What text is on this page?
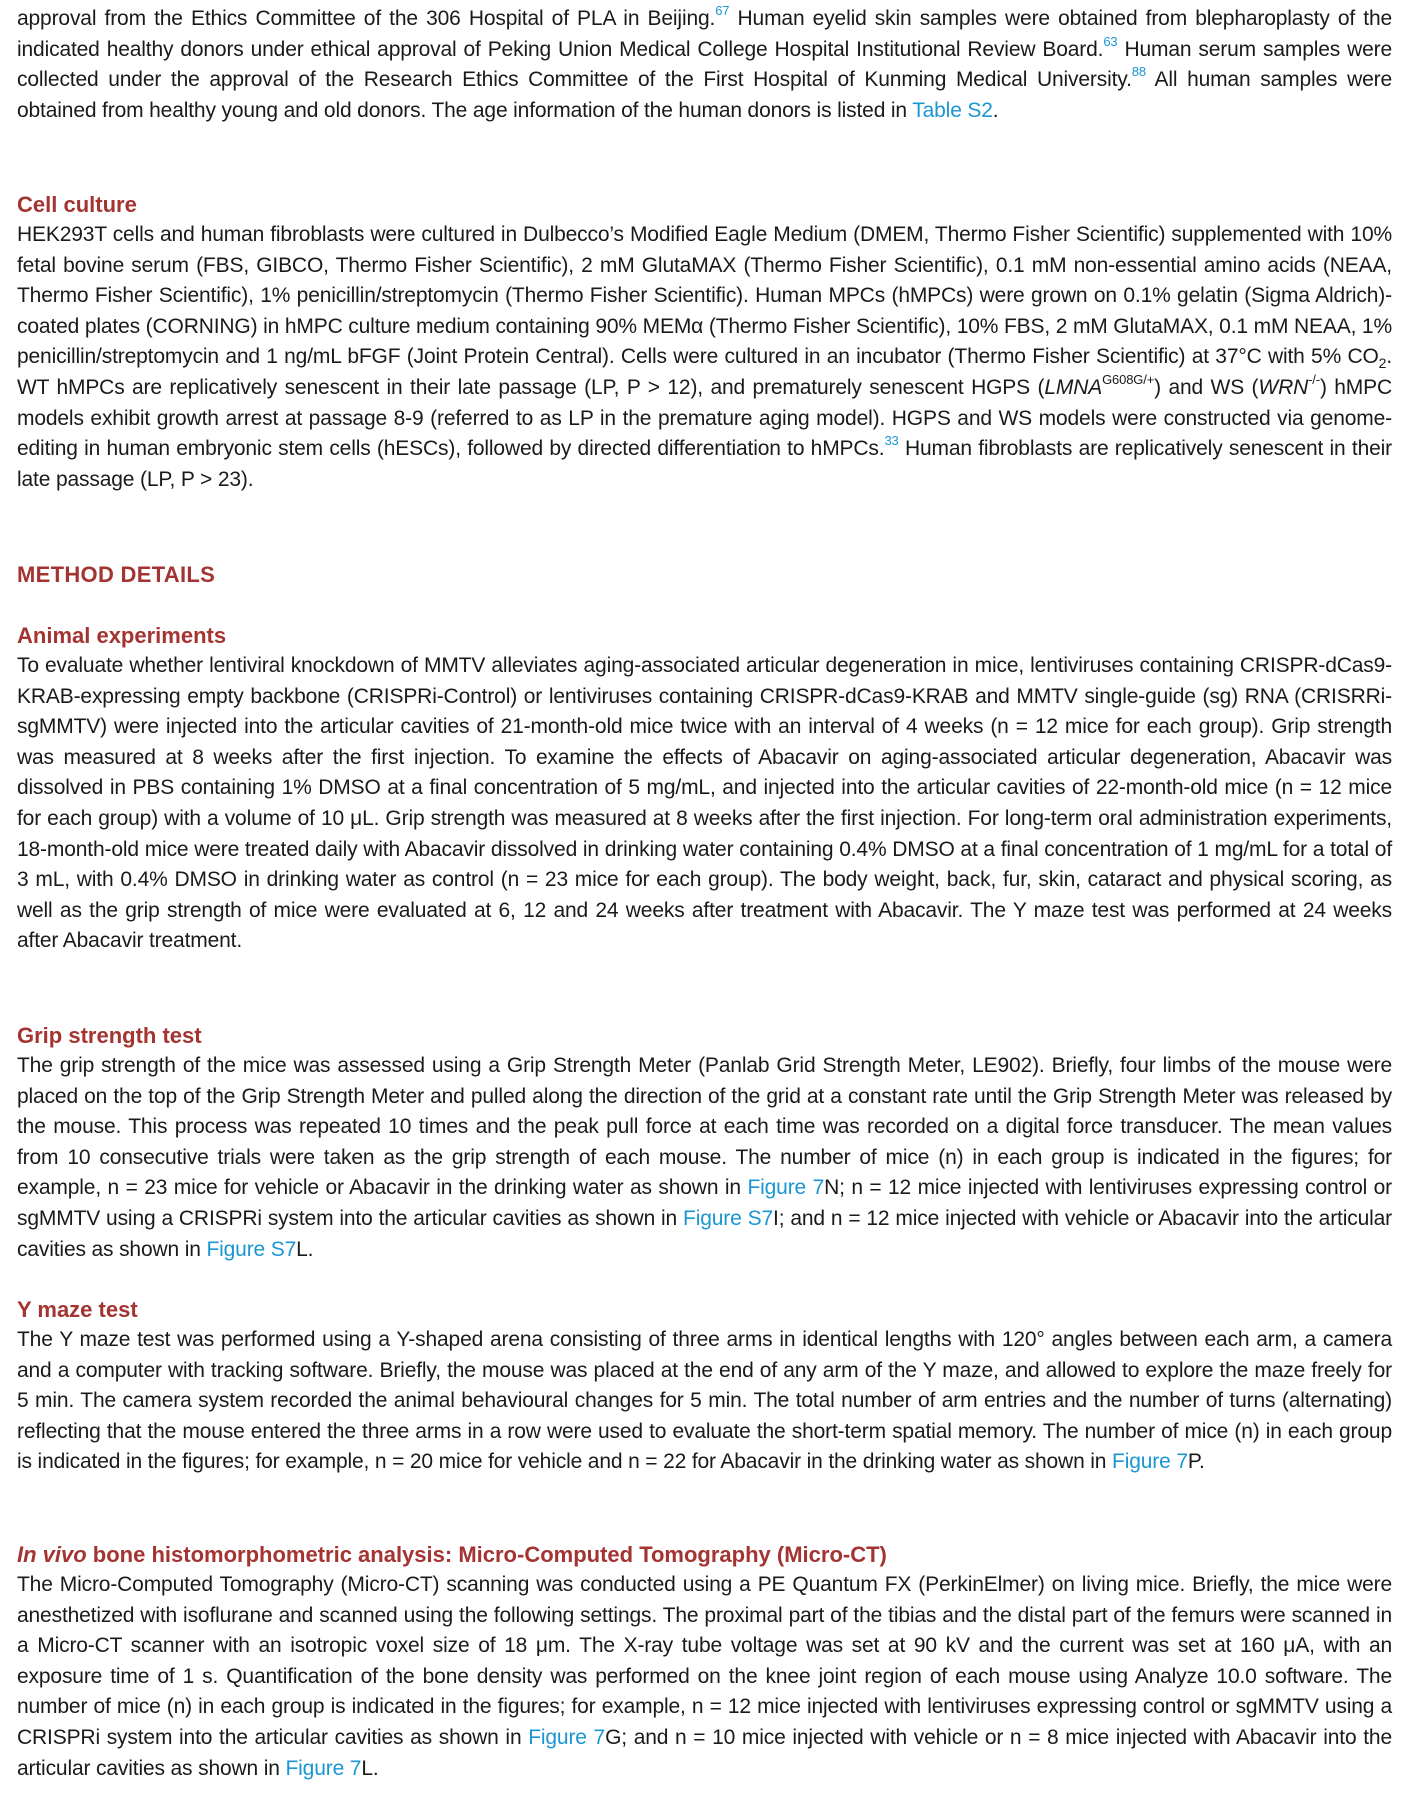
approval from the Ethics Committee of the 306 Hospital of PLA in Beijing.$^{67}$ Human eyelid skin samples were obtained from blepharoplasty of the indicated healthy donors under ethical approval of Peking Union Medical College Hospital Institutional Review Board.$^{63}$ Human serum samples were collected under the approval of the Research Ethics Committee of the First Hospital of Kunming Medical University.$^{88}$ All human samples were obtained from healthy young and old donors. The age information of the human donors is listed in Table S2.

Cell culture

HEK293T cells and human fibroblasts were cultured in Dulbecco’s Modified Eagle Medium (DMEM, Thermo Fisher Scientific) supplemented with 10% fetal bovine serum (FBS, GIBCO, Thermo Fisher Scientific), 2 mM GlutaMAX (Thermo Fisher Scientific), 0.1 mM non-essential amino acids (NEAA, Thermo Fisher Scientific), 1% penicillin/streptomycin (Thermo Fisher Scientific). Human MPCs (hMPCs) were grown on 0.1% gelatin (Sigma Aldrich)-coated plates (CORNING) in hMPC culture medium containing 90% MEMα (Thermo Fisher Scientific), 10% FBS, 2 mM GlutaMAX, 0.1 mM NEAA, 1% penicillin/streptomycin and 1 ng/mL bFGF (Joint Protein Central). Cells were cultured in an incubator (Thermo Fisher Scientific) at 37°C with 5% $CO_2$. WT hMPCs are replicatively senescent in their late passage (LP, P > 12), and prematurely senescent HGPS $(LMNA^{G608G/+})$ and WS (WRN-/-) hMPC models exhibit growth arrest at passage 8-9 (referred to as LP in the premature aging model). HGPS and WS models were constructed via genome-editing in human embryonic stem cells (hESCs), followed by directed differentiation to hMPCs.$^{33}$ Human fibroblasts are replicatively senescent in their late passage (LP, P > 23).

METHOD DETAILS
Animal experiments

To evaluate whether lentiviral knockdown of MMTV alleviates aging-associated articular degeneration in mice, lentiviruses containing CRISPR-dCas9-KRAB-expressing empty backbone (CRISPRi-Control) or lentiviruses containing CRISPR-dCas9-KRAB and MMTV single-guide (sg) RNA (CRISRRi-sgMMTV) were injected into the articular cavities of 21-month-old mice twice with an interval of 4 weeks (n = 12 mice for each group). Grip strength was measured at 8 weeks after the first injection. To examine the effects of Abacavir on aging-associated articular degeneration, Abacavir was dissolved in PBS containing 1% DMSO at a final concentration of 5 mg/mL, and injected into the articular cavities of 22-month-old mice (n = 12 mice for each group) with a volume of 10 μL. Grip strength was measured at 8 weeks after the first injection. For long-term oral administration experiments, 18-month-old mice were treated daily with Abacavir dissolved in drinking water containing 0.4% DMSO at a final concentration of 1 mg/mL for a total of 3 mL, with 0.4% DMSO in drinking water as control (n = 23 mice for each group). The body weight, back, fur, skin, cataract and physical scoring, as well as the grip strength of mice were evaluated at 6, 12 and 24 weeks after treatment with Abacavir. The Y maze test was performed at 24 weeks after Abacavir treatment.

Grip strength test

The grip strength of the mice was assessed using a Grip Strength Meter (Panlab Grid Strength Meter, LE902). Briefly, four limbs of the mouse were placed on the top of the Grip Strength Meter and pulled along the direction of the grid at a constant rate until the Grip Strength Meter was released by the mouse. This process was repeated 10 times and the peak pull force at each time was recorded on a digital force transducer. The mean values from 10 consecutive trials were taken as the grip strength of each mouse. The number of mice (n) in each group is indicated in the figures; for example, n = 23 mice for vehicle or Abacavir in the drinking water as shown in Figure 7N; n = 12 mice injected with lentiviruses expressing control or sgMMTV using a CRISPRi system into the articular cavities as shown in Figure S7I; and n = 12 mice injected with vehicle or Abacavir into the articular cavities as shown in Figure S7L.

Y maze test

The Y maze test was performed using a Y-shaped arena consisting of three arms in identical lengths with 120° angles between each arm, a camera and a computer with tracking software. Briefly, the mouse was placed at the end of any arm of the Y maze, and allowed to explore the maze freely for 5 min. The camera system recorded the animal behavioural changes for 5 min. The total number of arm entries and the number of turns (alternating) reflecting that the mouse entered the three arms in a row were used to evaluate the short-term spatial memory. The number of mice (n) in each group is indicated in the figures; for example, n = 20 mice for vehicle and n = 22 for Abacavir in the drinking water as shown in Figure 7P.

In vivo bone histomorphometric analysis: Micro-Computed Tomography (Micro-CT)

The Micro-Computed Tomography (Micro-CT) scanning was conducted using a PE Quantum FX (PerkinElmer) on living mice. Briefly, the mice were anesthetized with isoflurane and scanned using the following settings. The proximal part of the tibias and the distal part of the femurs were scanned in a Micro-CT scanner with an isotropic voxel size of 18 μm. The X-ray tube voltage was set at 90 kV and the current was set at 160 μA, with an exposure time of 1 s. Quantification of the bone density was performed on the knee joint region of each mouse using Analyze 10.0 software. The number of mice (n) in each group is indicated in the figures; for example, n = 12 mice injected with lentiviruses expressing control or sgMMTV using a CRISPRi system into the articular cavities as shown in Figure 7G; and n = 10 mice injected with vehicle or n = 8 mice injected with Abacavir into the articular cavities as shown in Figure 7L.
